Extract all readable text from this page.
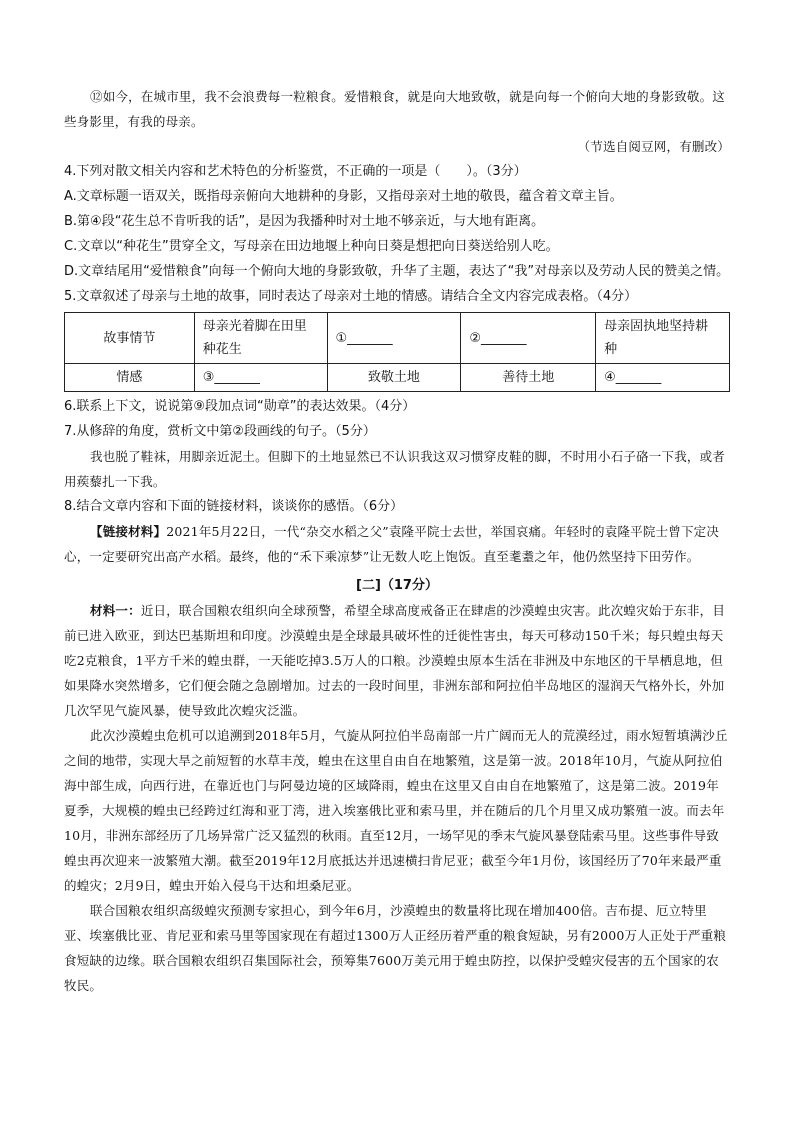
⑫如今，在城市里，我不会浪费每一粒粮食。爱惜粮食，就是向大地致敬，就是向每一个俯向大地的身影致敬。这些身影里，有我的母亲。

（节选自阅豆网，有删改）

4.下列对散文相关内容和艺术特色的分析鉴赏，不正确的一项是（　　）。（3分）

A.文章标题一语双关，既指母亲俯向大地耕种的身影，又指母亲对土地的敬畏，蕴含着文章主旨。

B.第④段“花生总不肯听我的话”，是因为我播种时对土地不够亲近，与大地有距离。

C.文章以“种花生”贯穿全文，写母亲在田边地堰上种向日葵是想把向日葵送给别人吃。

D.文章结尾用“爱惜粮食”向每一个俯向大地的身影致敬，升华了主题，表达了“我”对母亲以及劳动人民的赞美之情。

5.文章叙述了母亲与土地的故事，同时表达了母亲对土地的情感。请结合全文内容完成表格。（4分）

故事情节	母亲光着脚在田里种花生	①_______	②_______	母亲固执地坚持耕种
情感	③_______	致敬土地	善待土地	④_______

6.联系上下文，说说第⑨段加点词“勋章”的表达效果。（4分）

7.从修辞的角度，赏析文中第②段画线的句子。（5分）

我也脱了鞋袜，用脚亲近泥土。但脚下的土地显然已不认识我这双习惯穿皮鞋的脚，不时用小石子硌一下我，或者用蒺藜扎一下我。

8.结合文章内容和下面的链接材料，谈谈你的感悟。（6分）

【链接材料】2021年5月22日，一代“杂交水稻之父”袁隆平院士去世，举国哀痛。年轻时的袁隆平院士曾下定决心，一定要研究出高产水稻。最终，他的“禾下乘凉梦”让无数人吃上饱饭。直至耄耋之年，他仍然坚持下田劳作。

[二]（17分）

材料一：近日，联合国粮农组织向全球预警，希望全球高度戒备正在肆虐的沙漠蝗虫灾害。此次蝗灾始于东非，目前已进入欧亚，到达巴基斯坦和印度。沙漠蝗虫是全球最具破坏性的迁徙性害虫，每天可移动150千米；每只蝗虫每天吃2克粮食，1平方千米的蝗虫群，一天能吃掉3.5万人的口粮。沙漠蝗虫原本生活在非洲及中东地区的干旱栖息地，但如果降水突然增多，它们便会随之急剧增加。过去的一段时间里，非洲东部和阿拉伯半岛地区的湿润天气格外长，外加几次罕见气旋风暴，使导致此次蝗灾泛滥。

此次沙漠蝗虫危机可以追溯到2018年5月，气旋从阿拉伯半岛南部一片广阔而无人的荒漠经过，雨水短暂填满沙丘之间的地带，实现大旱之前短暂的水草丰茂，蝗虫在这里自由自在地繁殖，这是第一波。2018年10月，气旋从阿拉伯海中部生成，向西行进，在靠近也门与阿曼边境的区域降雨，蝗虫在这里又自由自在地繁殖了，这是第二波。2019年夏季，大规模的蝗虫已经跨过红海和亚丁湾，进入埃塞俄比亚和索马里，并在随后的几个月里又成功繁殖一波。而去年10月，非洲东部经历了几场异常广泛又猛烈的秋雨。直至12月，一场罕见的季末气旋风暴登陆索马里。这些事件导致蝗虫再次迎来一波繁殖大潮。截至2019年12月底抵达并迅速横扫肯尼亚；截至今年1月份，该国经历了70年来最严重的蝗灾；2月9日，蝗虫开始入侵乌干达和坦桑尼亚。

联合国粮农组织高级蝗灾预测专家担心，到今年6月，沙漠蝗虫的数量将比现在增加400倍。吉布提、厄立特里亚、埃塞俄比亚、肯尼亚和索马里等国家现在有超过1300万人正经历着严重的粮食短缺，另有2000万人正处于严重粮食短缺的边缘。联合国粮农组织召集国际社会，预筹集7600万美元用于蝗虫防控，以保护受蝗灾侵害的五个国家的农牧民。
